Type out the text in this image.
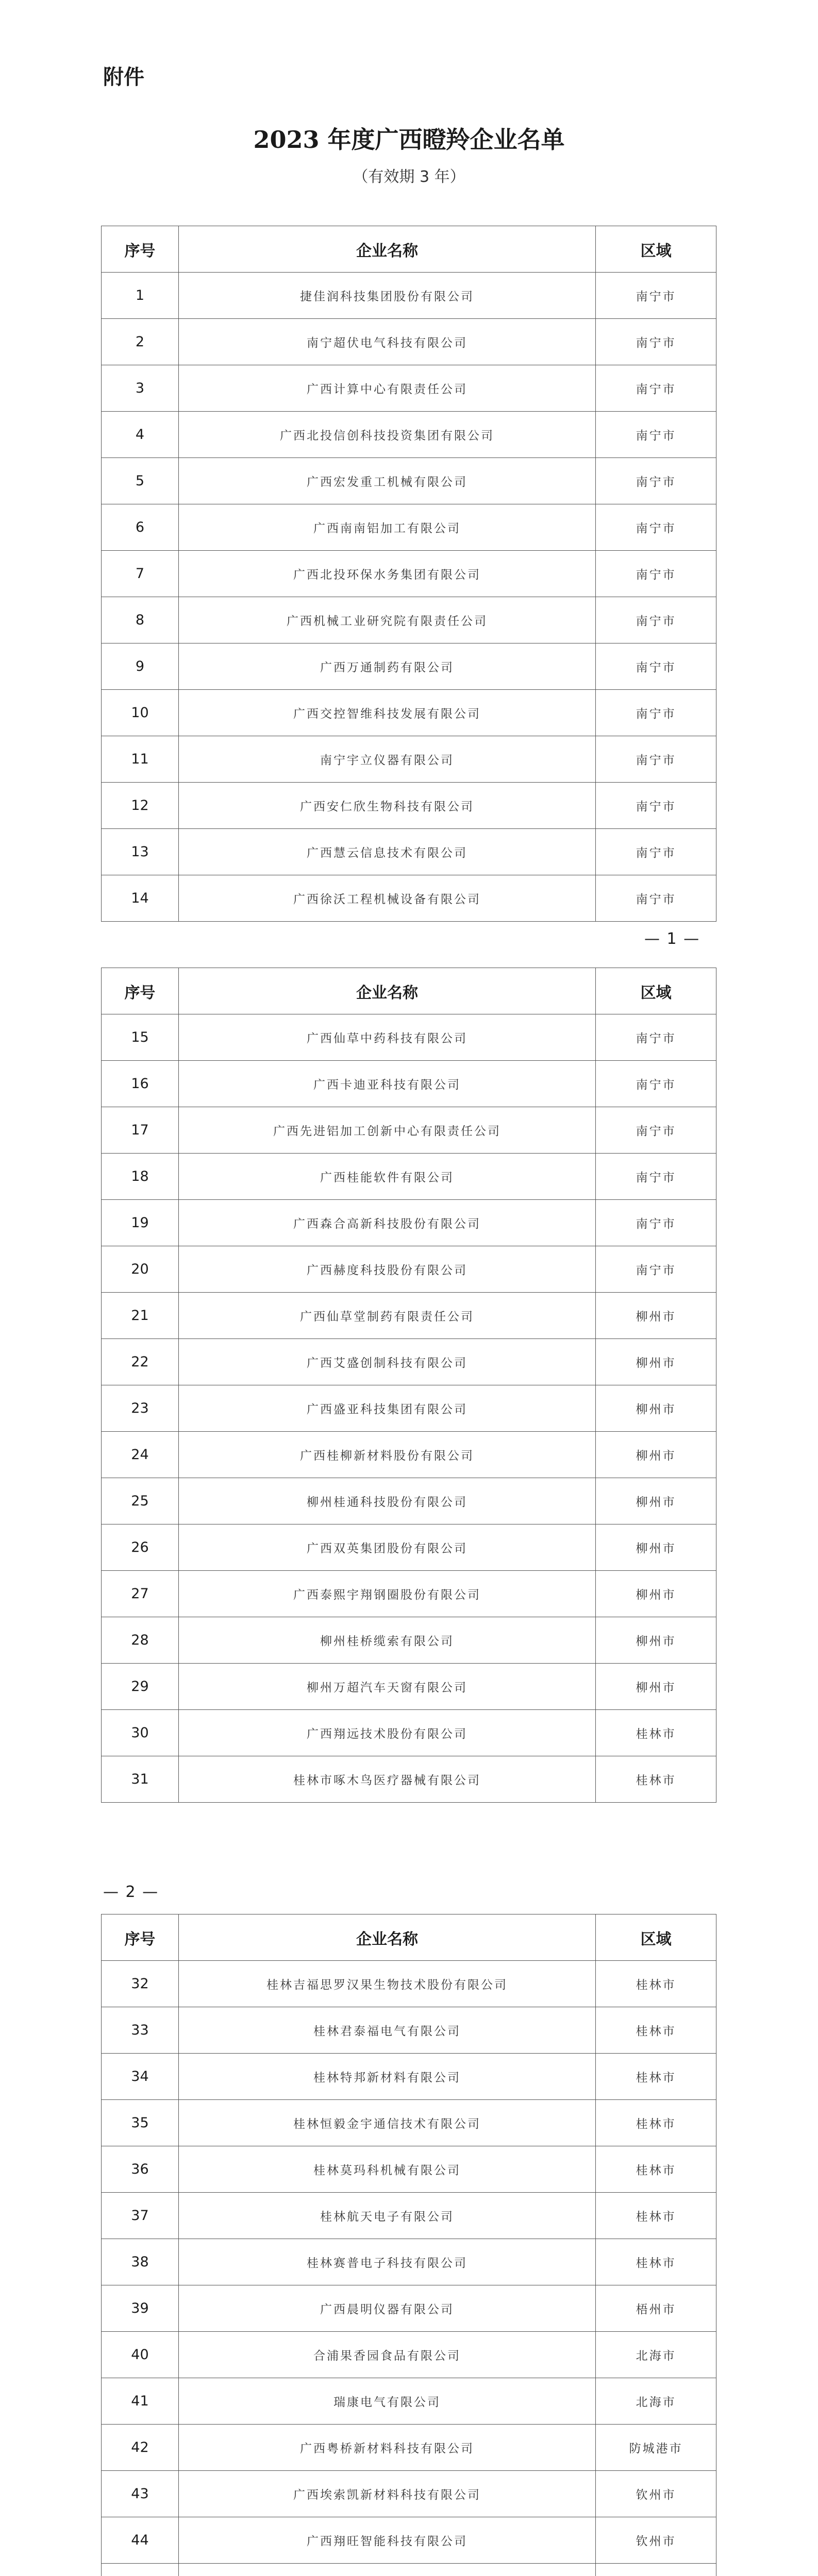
附件
2023 年度广西瞪羚企业名单
（有效期 3 年）
序号	企业名称	区域
1	捷佳润科技集团股份有限公司	南宁市
2	南宁超伏电气科技有限公司	南宁市
3	广西计算中心有限责任公司	南宁市
4	广西北投信创科技投资集团有限公司	南宁市
5	广西宏发重工机械有限公司	南宁市
6	广西南南铝加工有限公司	南宁市
7	广西北投环保水务集团有限公司	南宁市
8	广西机械工业研究院有限责任公司	南宁市
9	广西万通制药有限公司	南宁市
10	广西交控智维科技发展有限公司	南宁市
11	南宁宇立仪器有限公司	南宁市
12	广西安仁欣生物科技有限公司	南宁市
13	广西慧云信息技术有限公司	南宁市
14	广西徐沃工程机械设备有限公司	南宁市
— 1 —
序号	企业名称	区域
15	广西仙草中药科技有限公司	南宁市
16	广西卡迪亚科技有限公司	南宁市
17	广西先进铝加工创新中心有限责任公司	南宁市
18	广西桂能软件有限公司	南宁市
19	广西森合高新科技股份有限公司	南宁市
20	广西赫度科技股份有限公司	南宁市
21	广西仙草堂制药有限责任公司	柳州市
22	广西艾盛创制科技有限公司	柳州市
23	广西盛亚科技集团有限公司	柳州市
24	广西桂柳新材料股份有限公司	柳州市
25	柳州桂通科技股份有限公司	柳州市
26	广西双英集团股份有限公司	柳州市
27	广西泰熙宇翔钢圈股份有限公司	柳州市
28	柳州桂桥缆索有限公司	柳州市
29	柳州万超汽车天窗有限公司	柳州市
30	广西翔远技术股份有限公司	桂林市
31	桂林市啄木鸟医疗器械有限公司	桂林市
— 2 —
序号	企业名称	区域
32	桂林吉福思罗汉果生物技术股份有限公司	桂林市
33	桂林君泰福电气有限公司	桂林市
34	桂林特邦新材料有限公司	桂林市
35	桂林恒毅金宇通信技术有限公司	桂林市
36	桂林莫玛科机械有限公司	桂林市
37	桂林航天电子有限公司	桂林市
38	桂林赛普电子科技有限公司	桂林市
39	广西晨明仪器有限公司	梧州市
40	合浦果香园食品有限公司	北海市
41	瑞康电气有限公司	北海市
42	广西粤桥新材料科技有限公司	防城港市
43	广西埃索凯新材料科技有限公司	钦州市
44	广西翔旺智能科技有限公司	钦州市
